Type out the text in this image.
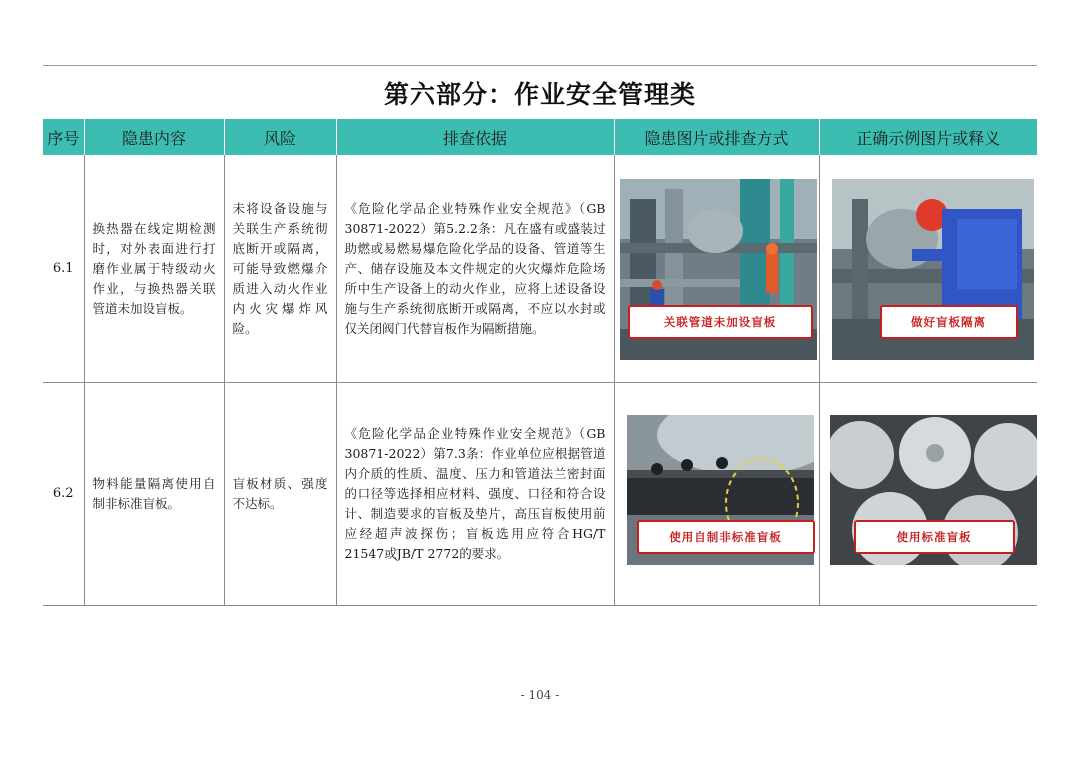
第六部分：作业安全管理类
序号	隐患内容	风险	排查依据	隐患图片或排查方式	正确示例图片或释义
6.1	换热器在线定期检测时，对外表面进行打磨作业属于特级动火作业，与换热器关联管道未加设盲板。	未将设备设施与关联生产系统彻底断开或隔离，可能导致燃爆介质进入动火作业内火灾爆炸风险。	《危险化学品企业特殊作业安全规范》（GB 30871-2022）第5.2.2条：凡在盛有或盛装过助燃或易燃易爆危险化学品的设备、管道等生产、储存设施及本文件规定的火灾爆炸危险场所中生产设备上的动火作业，应将上述设备设施与生产系统彻底断开或隔离，不应以水封或仅关闭阀门代替盲板作为隔断措施。	关联管道未加设盲板	做好盲板隔离

6.2	物料能量隔离使用自制非标准盲板。	盲板材质、强度不达标。	《危险化学品企业特殊作业安全规范》（GB 30871-2022）第7.3条：作业单位应根据管道内介质的性质、温度、压力和管道法兰密封面的口径等选择相应材料、强度、口径和符合设计、制造要求的盲板及垫片，高压盲板使用前应经超声波探伤；盲板选用应符合HG/T 21547或JB/T 2772的要求。	使用自制非标准盲板	使用标准盲板
- 104 -
